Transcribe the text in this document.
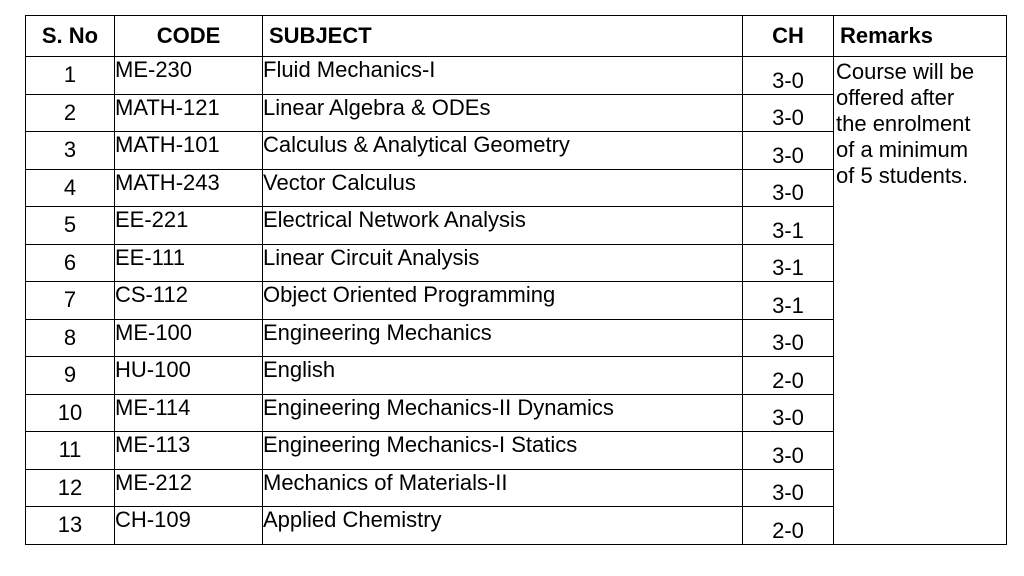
S. No	CODE	SUBJECT	CH	Remarks
1	ME-230	Fluid Mechanics-I	3-0	Course will be
offered after
the enrolment
of a minimum
of 5 students.
2	MATH-121	Linear Algebra & ODEs	3-0	
3	MATH-101	Calculus & Analytical Geometry	3-0	
4	MATH-243	Vector Calculus	3-0	
5	EE-221	Electrical Network Analysis	3-1	
6	EE-111	Linear Circuit Analysis	3-1	
7	CS-112	Object Oriented Programming	3-1	
8	ME-100	Engineering Mechanics	3-0	
9	HU-100	English	2-0	
10	ME-114	Engineering Mechanics-II Dynamics	3-0	
11	ME-113	Engineering Mechanics-I Statics	3-0	
12	ME-212	Mechanics of Materials-II	3-0	
13	CH-109	Applied Chemistry	2-0	
